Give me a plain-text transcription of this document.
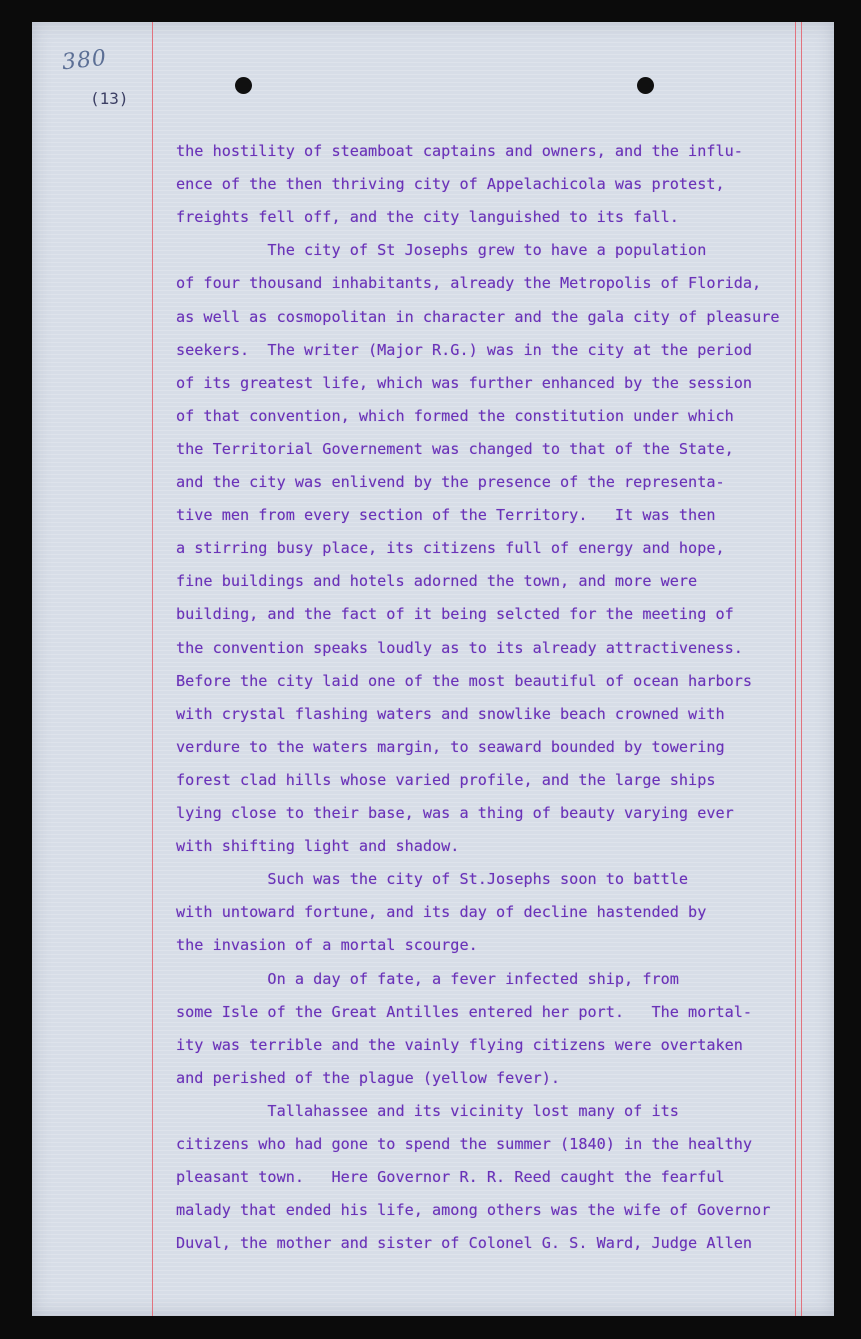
380
(13)
the hostility of steamboat captains and owners, and the influ-
ence of the then thriving city of Appelachicola was protest,
freights fell off, and the city languished to its fall.
The city of St Josephs grew to have a population
of four thousand inhabitants, already the Metropolis of Florida,
as well as cosmopolitan in character and the gala city of pleasure
seekers.  The writer (Major R.G.) was in the city at the period
of its greatest life, which was further enhanced by the session
of that convention, which formed the constitution under which
the Territorial Governement was changed to that of the State,
and the city was enlivend by the presence of the representa-
tive men from every section of the Territory.   It was then
a stirring busy place, its citizens full of energy and hope,
fine buildings and hotels adorned the town, and more were
building, and the fact of it being selcted for the meeting of
the convention speaks loudly as to its already attractiveness.
Before the city laid one of the most beautiful of ocean harbors
with crystal flashing waters and snowlike beach crowned with
verdure to the waters margin, to seaward bounded by towering
forest clad hills whose varied profile, and the large ships
lying close to their base, was a thing of beauty varying ever
with shifting light and shadow.
Such was the city of St.Josephs soon to battle
with untoward fortune, and its day of decline hastended by
the invasion of a mortal scourge.
On a day of fate, a fever infected ship, from
some Isle of the Great Antilles entered her port.   The mortal-
ity was terrible and the vainly flying citizens were overtaken
and perished of the plague (yellow fever).
Tallahassee and its vicinity lost many of its
citizens who had gone to spend the summer (1840) in the healthy
pleasant town.   Here Governor R. R. Reed caught the fearful
malady that ended his life, among others was the wife of Governor
Duval, the mother and sister of Colonel G. S. Ward, Judge Allen
